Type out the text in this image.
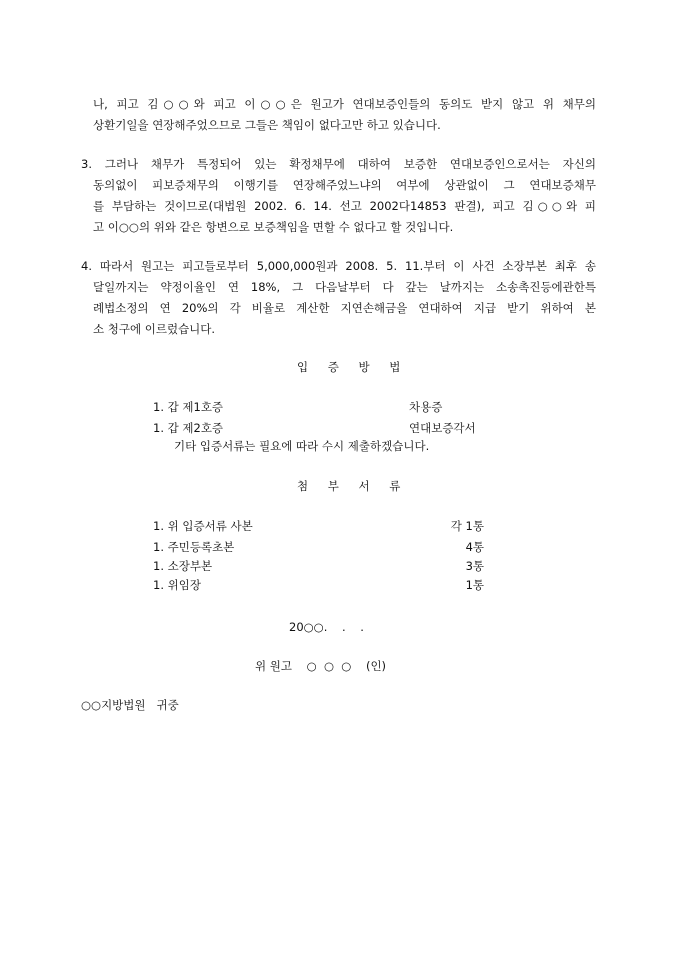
나, 피고 김○○와 피고 이○○은 원고가 연대보증인들의 동의도 받지 않고 위 채무의
상환기일을 연장해주었으므로 그들은 책임이 없다고만 하고 있습니다.
3. 그러나 채무가 특정되어 있는 확정채무에 대하여 보증한 연대보증인으로서는 자신의
동의없이 피보증채무의 이행기를 연장해주었느냐의 여부에 상관없이 그 연대보증채무
를 부담하는 것이므로(대법원 2002. 6. 14. 선고 2002다14853 판결), 피고 김○○와 피
고 이○○의 위와 같은 항변으로 보증책임을 면할 수 없다고 할 것입니다.
4. 따라서 원고는 피고들로부터 5,000,000원과 2008. 5. 11.부터 이 사건 소장부본 최후 송
달일까지는 약정이율인 연 18%, 그 다음날부터 다 갚는 날까지는 소송촉진등에관한특
례법소정의 연 20%의 각 비율로 계산한 지연손해금을 연대하여 지급 받기 위하여 본
소 청구에 이르렀습니다.
입 증 방 법
1. 갑 제1호증	차용증
1. 갑 제2호증	연대보증각서
기타 입증서류는 필요에 따라 수시 제출하겠습니다.
첨 부 서 류
1. 위 입증서류 사본	각 1통
1. 주민등록초본	4통
1. 소장부본	3통
1. 위임장	1통
20○○.    .    .
위 원고    ○  ○  ○    (인)
○○지방법원   귀중
